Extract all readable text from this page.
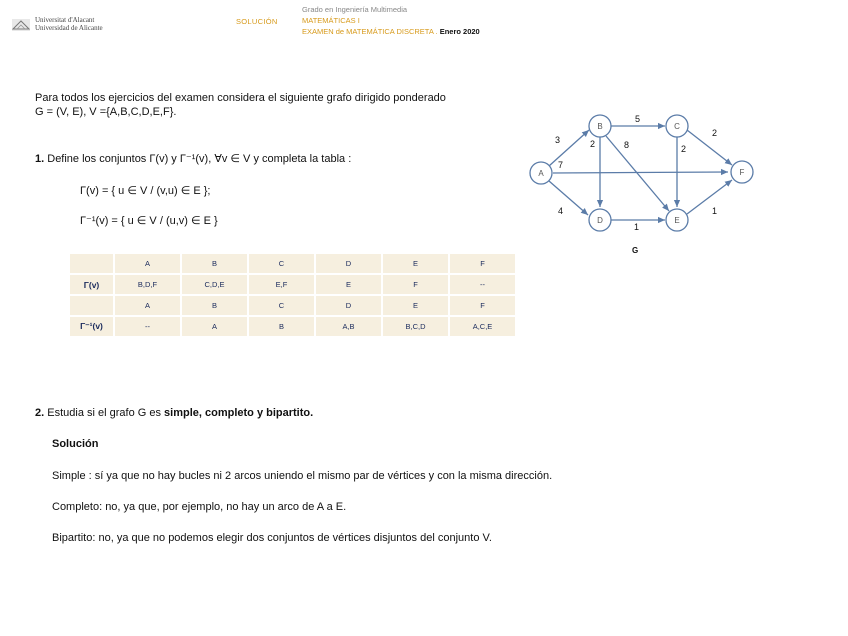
Universitat d'Alacant
Universidad de Alicante
SOLUCIÓN
Grado en Ingeniería Multimedia
MATEMÁTICAS I
EXAMEN de MATEMÁTICA DISCRETA . Enero 2020
Para todos los ejercicios del examen considera el siguiente grafo dirigido ponderado
G = (V, E), V ={A,B,C,D,E,F}.
1. Define los conjuntos Γ(v) y Γ⁻¹(v), ∀v ∈ V y completa la tabla :
Γ(v) = { u ∈ V / (v,u) ∈ E };
Γ⁻¹(v) = { u ∈ V / (u,v) ∈ E }
	A	B	C	D	E	F
Γ(v)	B,D,F	C,D,E	E,F	E	F	--
	A	B	C	D	E	F
Γ⁻¹(v)	--	A	B	A,B	B,C,D	A,C,E
3
7
4
5
2	8
2
2
1
1
A
B	C
D	E
F
G
2. Estudia si el grafo G es simple, completo y bipartito.
Solución
Simple : sí ya que no hay bucles ni 2 arcos uniendo el mismo par de vértices y con la misma dirección.
Completo: no, ya que, por ejemplo, no hay un arco de A a E.
Bipartito: no, ya que no podemos elegir dos conjuntos de vértices disjuntos del conjunto V.
